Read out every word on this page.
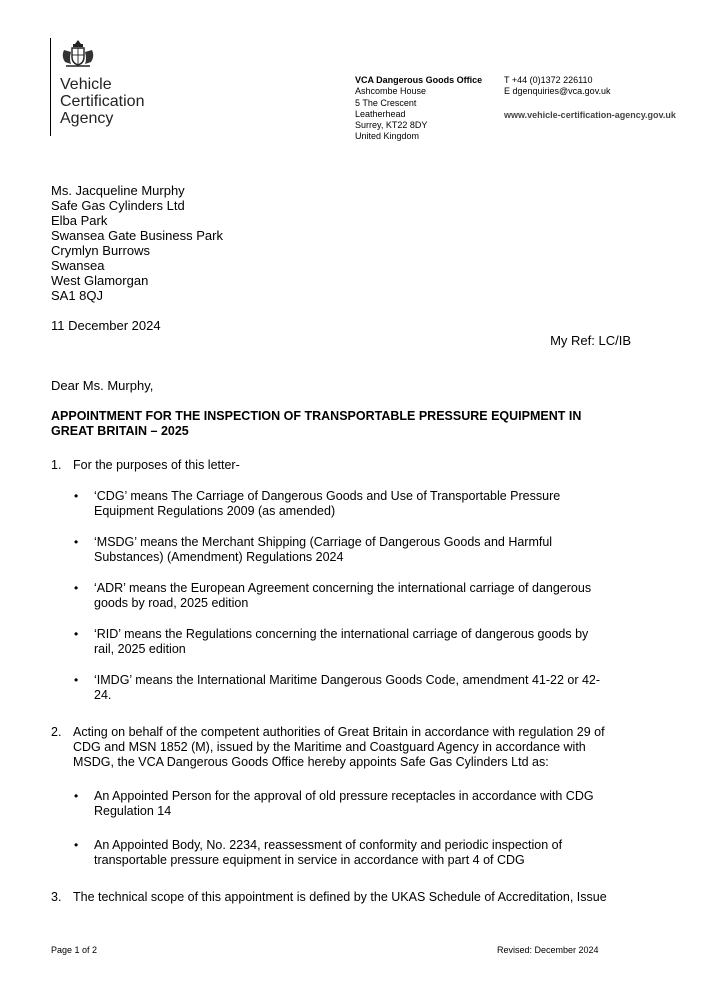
Vehicle
Certification
Agency
VCA Dangerous Goods Office
Ashcombe House
5 The Crescent
Leatherhead
Surrey, KT22 8DY
United Kingdom
T +44 (0)1372 226110
E dgenquiries@vca.gov.uk
www.vehicle-certification-agency.gov.uk
Ms. Jacqueline Murphy
Safe Gas Cylinders Ltd
Elba Park
Swansea Gate Business Park
Crymlyn Burrows
Swansea
West Glamorgan
SA1 8QJ
11 December 2024
My Ref: LC/IB
Dear Ms. Murphy,
APPOINTMENT FOR THE INSPECTION OF TRANSPORTABLE PRESSURE EQUIPMENT IN
GREAT BRITAIN – 2025
1. For the purposes of this letter-
• ‘CDG’ means The Carriage of Dangerous Goods and Use of Transportable Pressure
Equipment Regulations 2009 (as amended)
• ‘MSDG’ means the Merchant Shipping (Carriage of Dangerous Goods and Harmful
Substances) (Amendment) Regulations 2024
• ‘ADR’ means the European Agreement concerning the international carriage of dangerous
goods by road, 2025 edition
• ‘RID’ means the Regulations concerning the international carriage of dangerous goods by
rail, 2025 edition
• ‘IMDG’ means the International Maritime Dangerous Goods Code, amendment 41-22 or 42-
24.
2. Acting on behalf of the competent authorities of Great Britain in accordance with regulation 29 of
CDG and MSN 1852 (M), issued by the Maritime and Coastguard Agency in accordance with
MSDG, the VCA Dangerous Goods Office hereby appoints Safe Gas Cylinders Ltd as:
• An Appointed Person for the approval of old pressure receptacles in accordance with CDG
Regulation 14
• An Appointed Body, No. 2234, reassessment of conformity and periodic inspection of
transportable pressure equipment in service in accordance with part 4 of CDG
3. The technical scope of this appointment is defined by the UKAS Schedule of Accreditation, Issue
Page 1 of 2	Revised: December 2024
